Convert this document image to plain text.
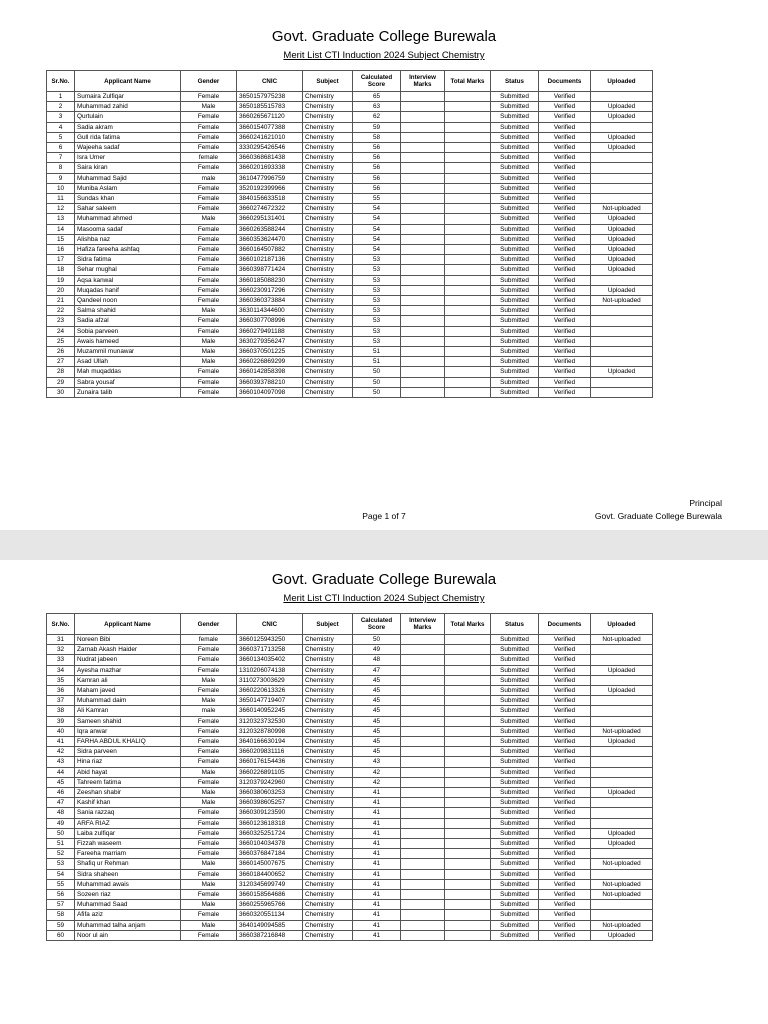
Govt. Graduate College Burewala
Merit List CTI Induction 2024 Subject Chemistry
Sr.No.	Applicant Name	Gender	CNIC	Subject	Calculated Score	Interview Marks	Total Marks	Status	Documents	Uploaded
1	Sumaira Zulfiqar	Female	3650157975238	Chemistry	65			Submitted	Verified	
2	Muhammad zahid	Male	3650185515783	Chemistry	63			Submitted	Verified	Uploaded
3	Qurtulain	Female	3660265671120	Chemistry	62			Submitted	Verified	Uploaded
4	Sadia akram	Female	3660154077388	Chemistry	59			Submitted	Verified	
5	Gull rida fatima	Female	3660241621010	Chemistry	58			Submitted	Verified	Uploaded
6	Wajeeha sadaf	Female	3330295426546	Chemistry	56			Submitted	Verified	Uploaded
7	Isra Umer	female	3660368681438	Chemistry	56			Submitted	Verified	
8	Saira kiran	Female	3660201693338	Chemistry	56			Submitted	Verified	
9	Muhammad Sajid	male	3610477996759	Chemistry	56			Submitted	Verified	
10	Muniba Aslam	Female	3520192399966	Chemistry	56			Submitted	Verified	
11	Sundas khan	Female	3840156633518	Chemistry	55			Submitted	Verified	
12	Sahar saleem	Female	3660274672322	Chemistry	54			Submitted	Verified	Not-uploaded
13	Muhammad ahmed	Male	3660295131401	Chemistry	54			Submitted	Verified	Uploaded
14	Masooma sadaf	Female	3660263588244	Chemistry	54			Submitted	Verified	Uploaded
15	Alishba naz	Female	3660353624470	Chemistry	54			Submitted	Verified	Uploaded
16	Hafiza fareeha ashfaq	Female	3660164507882	Chemistry	54			Submitted	Verified	Uploaded
17	Sidra fatima	Female	3660102187136	Chemistry	53			Submitted	Verified	Uploaded
18	Sehar mughal	Female	3660398771424	Chemistry	53			Submitted	Verified	Uploaded
19	Aqsa kanwal	Female	3660185088230	Chemistry	53			Submitted	Verified	
20	Muqadas hanif	Female	3660230917296	Chemistry	53			Submitted	Verified	Uploaded
21	Qandeel noon	Female	3660360373884	Chemistry	53			Submitted	Verified	Not-uploaded
22	Salma shahid	Male	3630114344600	Chemistry	53			Submitted	Verified	
23	Sadia afzal	Female	3660307708996	Chemistry	53			Submitted	Verified	
24	Sobia parveen	Female	3660279491188	Chemistry	53			Submitted	Verified	
25	Awais hameed	Male	3630279356247	Chemistry	53			Submitted	Verified	
26	Muzammil munawar	Male	3660370501225	Chemistry	51			Submitted	Verified	
27	Asad Ullah	Male	3660226869299	Chemistry	51			Submitted	Verified	
28	Mah muqaddas	Female	3660142858398	Chemistry	50			Submitted	Verified	Uploaded
29	Sabra yousaf	Female	3660393788210	Chemistry	50			Submitted	Verified	
30	Zunaira talib	Female	3660104097098	Chemistry	50			Submitted	Verified	
Page 1 of 7
Principal
Govt. Graduate College Burewala
Govt. Graduate College Burewala
Merit List CTI Induction 2024 Subject Chemistry
Sr.No.	Applicant Name	Gender	CNIC	Subject	Calculated Score	Interview Marks	Total Marks	Status	Documents	Uploaded
31	Noreen Bibi	female	3660125943250	Chemistry	50			Submitted	Verified	Not-uploaded
32	Zarnab Akash Haider	Female	3660371713258	Chemistry	49			Submitted	Verified	
33	Nudrat jabeen	Female	3660134035402	Chemistry	48			Submitted	Verified	
34	Ayesha mazhar	Female	1310206074138	Chemistry	47			Submitted	Verified	Uploaded
35	Kamran ali	Male	3110273003629	Chemistry	45			Submitted	Verified	
36	Maham javed	Female	3660220613326	Chemistry	45			Submitted	Verified	Uploaded
37	Muhammad daim	Male	3650147719407	Chemistry	45			Submitted	Verified	
38	Ali Kamran	male	3660140952245	Chemistry	45			Submitted	Verified	
39	Sameen shahid	Female	3120323732530	Chemistry	45			Submitted	Verified	
40	Iqra anwar	Female	3120328780998	Chemistry	45			Submitted	Verified	Not-uploaded
41	FARHA ABDUL KHALIQ	Female	3640166630194	Chemistry	45			Submitted	Verified	Uploaded
42	Sidra parveen	Female	3660209831116	Chemistry	45			Submitted	Verified	
43	Hina riaz	Female	3660176154436	Chemistry	43			Submitted	Verified	
44	Abid hayat	Male	3660226891105	Chemistry	42			Submitted	Verified	
45	Tahreem fatima	Female	3120379242960	Chemistry	42			Submitted	Verified	
46	Zeeshan shabir	Male	3660380603253	Chemistry	41			Submitted	Verified	Uploaded
47	Kashif khan	Male	3660398605257	Chemistry	41			Submitted	Verified	
48	Sania razzaq	Female	3660309123590	Chemistry	41			Submitted	Verified	
49	ARFA RIAZ	Female	3660123618318	Chemistry	41			Submitted	Verified	
50	Laiba zulfiqar	Female	3660325251724	Chemistry	41			Submitted	Verified	Uploaded
51	Fizzah waseem	Female	3660104034378	Chemistry	41			Submitted	Verified	Uploaded
52	Fareeha marriam	Female	3660376847184	Chemistry	41			Submitted	Verified	
53	Shafiq ur Rehman	Male	3660145007675	Chemistry	41			Submitted	Verified	Not-uploaded
54	Sidra shaheen	Female	3660184400652	Chemistry	41			Submitted	Verified	
55	Muhammad awais	Male	3120345699749	Chemistry	41			Submitted	Verified	Not-uploaded
56	Sozeen riaz	Female	3660158564686	Chemistry	41			Submitted	Verified	Not-uploaded
57	Muhammad Saad	Male	3660255965766	Chemistry	41			Submitted	Verified	
58	Afifa aziz	Female	3660320551134	Chemistry	41			Submitted	Verified	
59	Muhammad talha anjam	Male	3640149094585	Chemistry	41			Submitted	Verified	Not-uploaded
60	Noor ul ain	Female	3660387216848	Chemistry	41			Submitted	Verified	Uploaded
